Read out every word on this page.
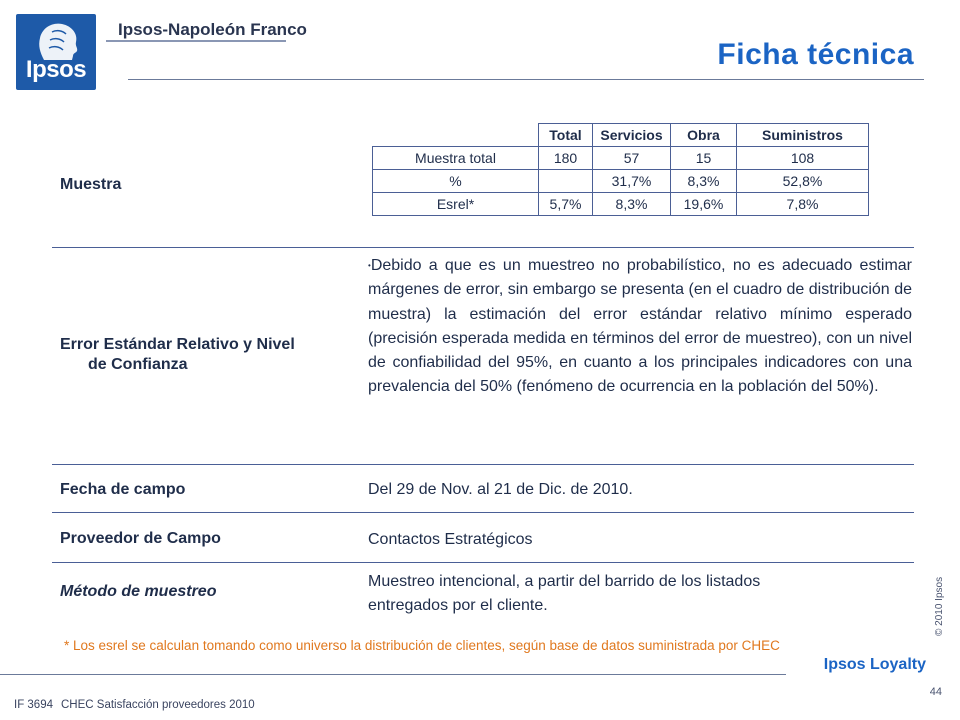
Ipsos
Ipsos-Napoleón Franco
Ficha técnica
Muestra
	Total	Servicios	Obra	Suministros
Muestra total	180	57	15	108
%		31,7%	8,3%	52,8%
Esrel*	5,7%	8,3%	19,6%	7,8%
Error Estándar Relativo y Nivel
de Confianza
•Debido a que es un muestreo no probabilístico, no es adecuado estimar márgenes de error, sin embargo se presenta (en el cuadro de distribución de muestra) la estimación del error estándar relativo mínimo esperado (precisión esperada medida en términos del error de muestreo), con un nivel de confiabilidad del 95%, en cuanto a los principales indicadores con una prevalencia del 50% (fenómeno de ocurrencia en la población del 50%).
Fecha de campo	Del 29 de Nov. al 21 de Dic. de 2010.
Proveedor de Campo	Contactos Estratégicos
Método de muestreo
Muestreo intencional, a partir del barrido de los listados
entregados por el cliente.
* Los esrel se calculan tomando como universo la distribución de clientes, según base de datos suministrada por CHEC
© 2010 Ipsos
Ipsos Loyalty
44
IF 3694 CHEC Satisfacción proveedores 2010
